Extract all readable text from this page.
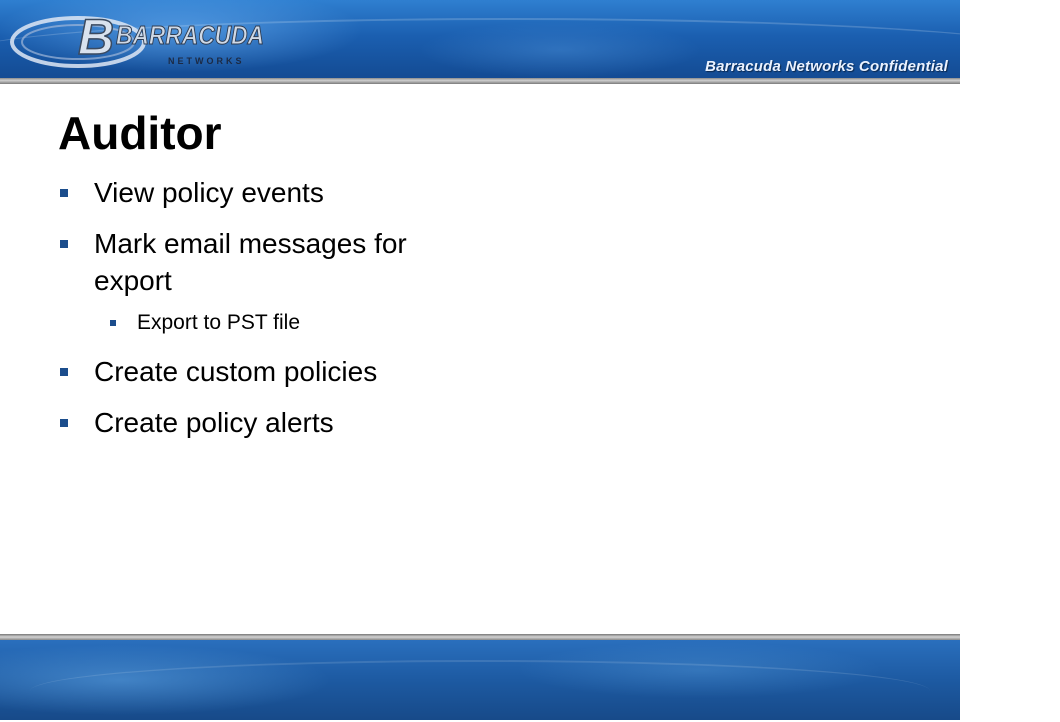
B BARRACUDA
NETWORKS	Barracuda Networks Confidential
Auditor
View policy events
Mark email messages for export
Export to PST file
Create custom policies
Create policy alerts
